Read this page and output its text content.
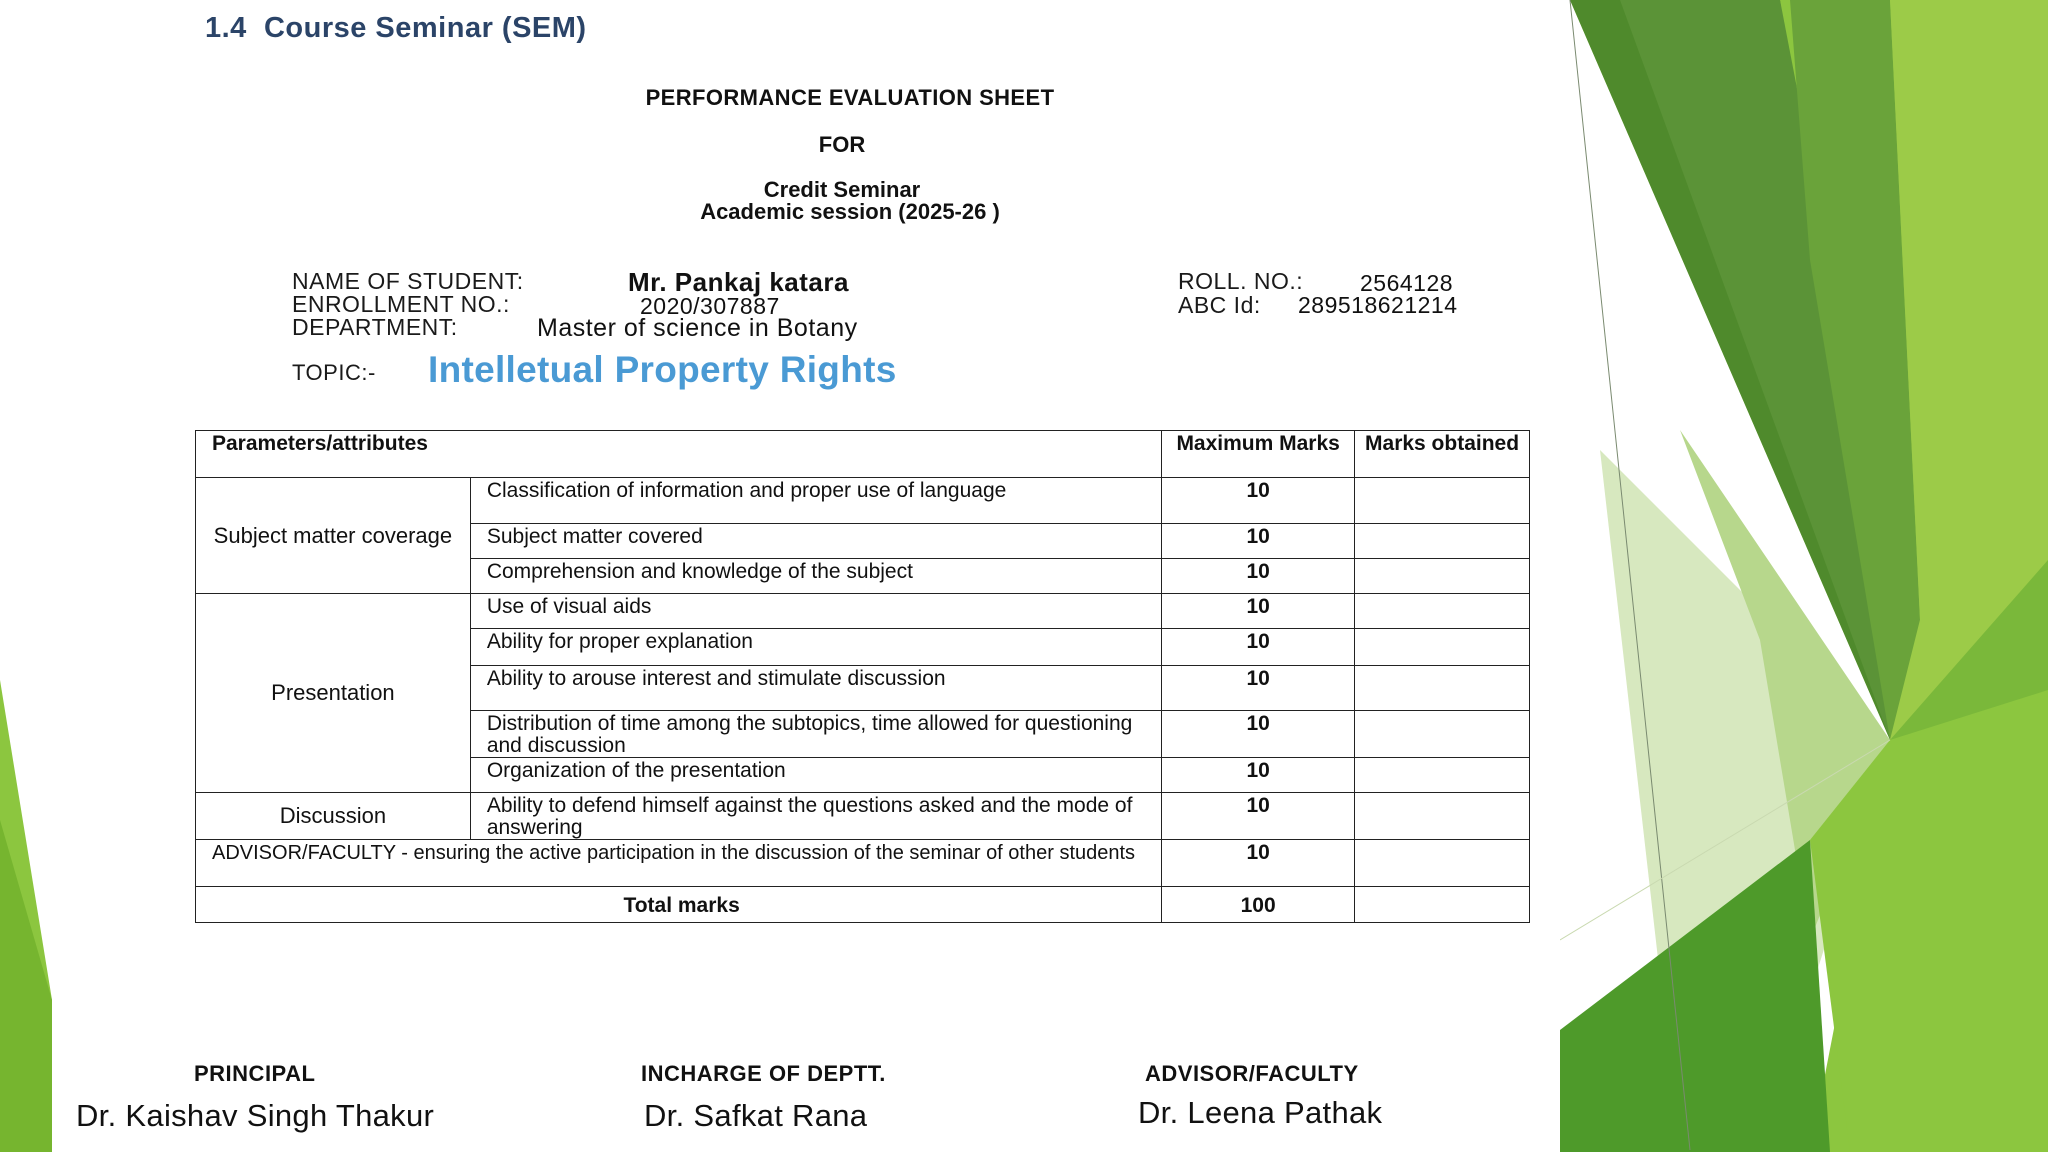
1.4 Course Seminar (SEM)
PERFORMANCE EVALUATION SHEET
FOR
Credit Seminar
Academic session (2025-26 )
NAME OF STUDENT:	Mr. Pankaj katara
ENROLLMENT NO.:	2020/307887
DEPARTMENT:	Master of science in Botany
ROLL. NO.: 2564128
ABC Id: 289518621214
TOPIC:- Intelletual Property Rights
Parameters/attributes		Maximum Marks	Marks obtained
Subject matter coverage	Classification of information and proper use of language	10	
	Subject matter covered	10	
	Comprehension and knowledge of the subject	10	
Presentation	Use of visual aids	10	
	Ability for proper explanation	10	
	Ability to arouse interest and stimulate discussion	10	
	Distribution of time among the subtopics, time allowed for questioning and discussion	10	
	Organization of the presentation	10	
Discussion	Ability to defend himself against the questions asked and the mode of answering	10	
ADVISOR/FACULTY - ensuring the active participation in the discussion of the seminar of other students		10	
Total marks		100	
PRINCIPAL
Dr. Kaishav Singh Thakur
INCHARGE OF DEPTT.
Dr. Safkat Rana
ADVISOR/FACULTY
Dr. Leena Pathak
